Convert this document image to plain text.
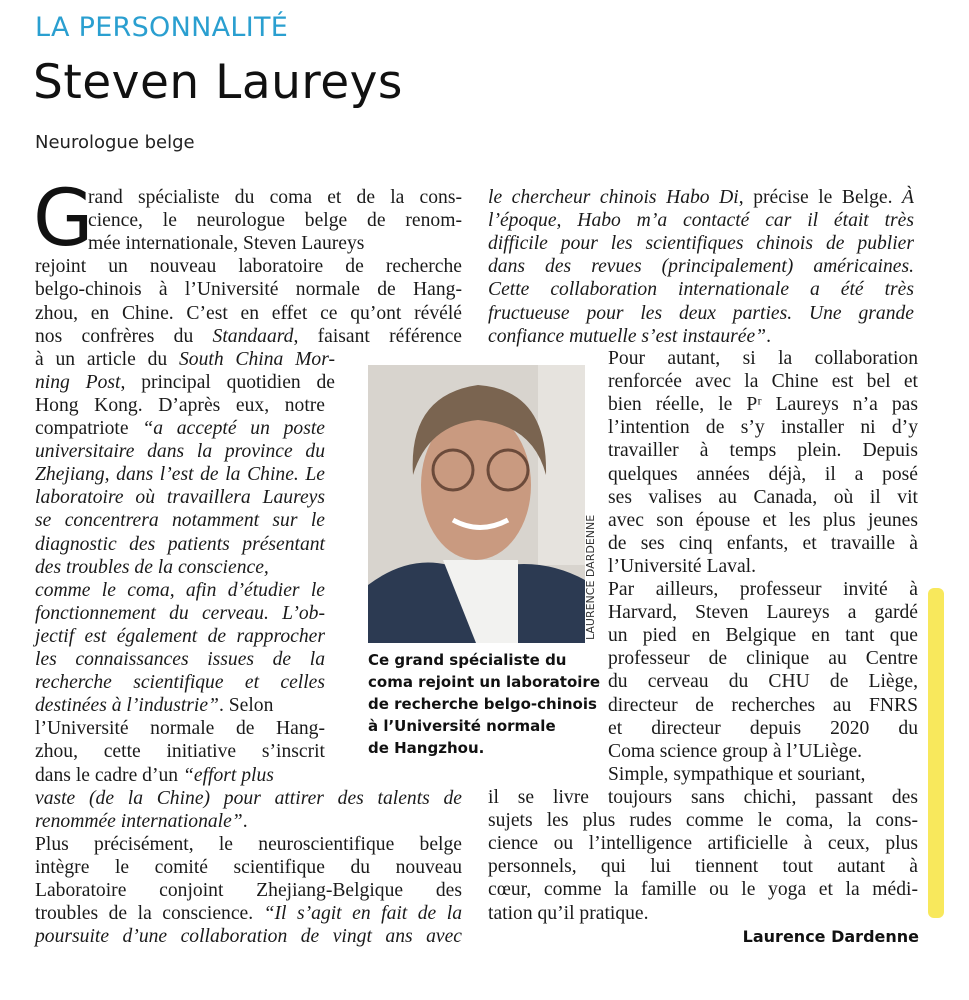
LA PERSONNALITÉ
Steven Laureys
Neurologue belge
G
rand spécialiste du coma et de la cons-
cience, le neurologue belge de renom-
mée internationale, Steven Laureys
rejoint un nouveau laboratoire de recherche
belgo-chinois à l’Université normale de Hang-
zhou, en Chine. C’est en effet ce qu’ont révélé
nos confrères du Standaard, faisant référence
à un article du South China Mor-
ning Post, principal quotidien de
Hong Kong. D’après eux, notre
compatriote “a accepté un poste
universitaire dans la province du
Zhejiang, dans l’est de la Chine. Le
laboratoire où travaillera Laureys
se concentrera notamment sur le
diagnostic des patients présentant
des troubles de la conscience,
comme le coma, afin d’étudier le
fonctionnement du cerveau. L’ob-
jectif est également de rapprocher
les connaissances issues de la
recherche scientifique et celles
destinées à l’industrie”. Selon
l’Université normale de Hang-
zhou, cette initiative s’inscrit
dans le cadre d’un “effort plus
vaste (de la Chine) pour attirer des talents de
renommée internationale”.
Plus précisément, le neuroscientifique belge
intègre le comité scientifique du nouveau
Laboratoire conjoint Zhejiang-Belgique des
troubles de la conscience. “Il s’agit en fait de la
poursuite d’une collaboration de vingt ans avec
le chercheur chinois Habo Di, précise le Belge. À
l’époque, Habo m’a contacté car il était très
difficile pour les scientifiques chinois de publier
dans des revues (principalement) américaines.
Cette collaboration internationale a été très
fructueuse pour les deux parties. Une grande
confiance mutuelle s’est instaurée”.
Pour autant, si la collaboration
renforcée avec la Chine est bel et
bien réelle, le Pʳ Laureys n’a pas
l’intention de s’y installer ni d’y
travailler à temps plein. Depuis
quelques années déjà, il a posé
ses valises au Canada, où il vit
avec son épouse et les plus jeunes
de ses cinq enfants, et travaille à
l’Université Laval.
Par ailleurs, professeur invité à
Harvard, Steven Laureys a gardé
un pied en Belgique en tant que
professeur de clinique au Centre
du cerveau du CHU de Liège,
directeur de recherches au FNRS
et directeur depuis 2020 du
Coma science group à l’ULiège.
Simple, sympathique et souriant,
il se livre toujours sans chichi, passant des
sujets les plus rudes comme le coma, la cons-
cience ou l’intelligence artificielle à ceux, plus
personnels, qui lui tiennent tout autant à
cœur, comme la famille ou le yoga et la médi-
tation qu’il pratique.
LAURENCE DARDENNE
Ce grand spécialiste du
coma rejoint un laboratoire
de recherche belgo-chinois
à l’Université normale
de Hangzhou.
Laurence Dardenne
